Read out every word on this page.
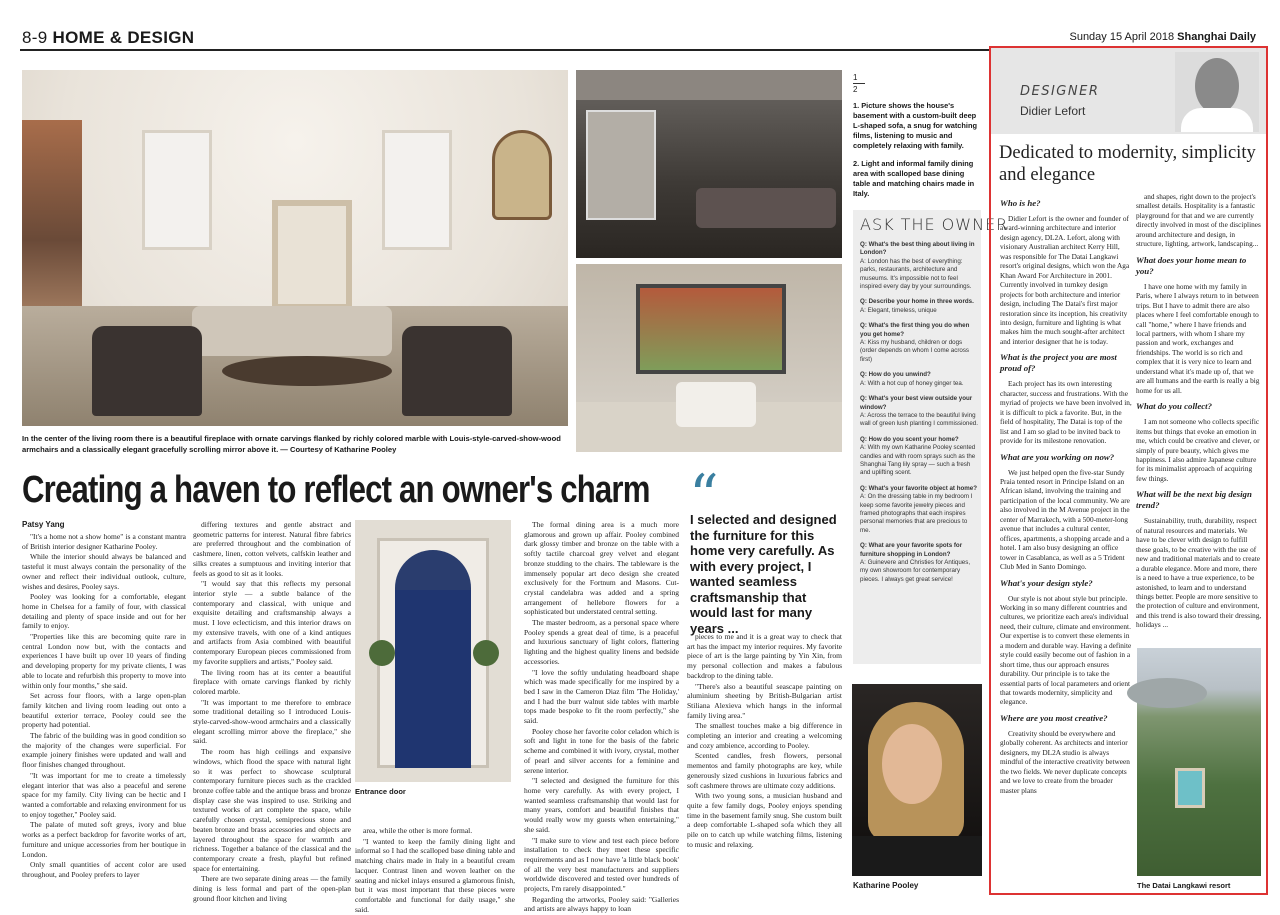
8-9 HOME & DESIGN	Sunday 15 April 2018 Shanghai Daily
In the center of the living room there is a beautiful fireplace with ornate carvings flanked by richly colored marble with Louis-style-carved-show-wood armchairs and a classically elegant gracefully scrolling mirror above it. — Courtesy of Katharine Pooley
1
2

1. Picture shows the house's basement with a custom-built deep L-shaped sofa, a snug for watching films, listening to music and completely relaxing with family.

2. Light and informal family dining area with scalloped base dining table and matching chairs made in Italy.

ASK THE OWNER
Q: What's the best thing about living in London?
A: London has the best of everything: parks, restaurants, architecture and museums. It's impossible not to feel inspired every day by your surroundings.
Q: Describe your home in three words.
A: Elegant, timeless, unique
Q: What's the first thing you do when you get home?
A: Kiss my husband, children or dogs (order depends on whom I come across first)
Q: How do you unwind?
A: With a hot cup of honey ginger tea.
Q: What's your best view outside your window?
A: Across the terrace to the beautiful living wall of green lush planting I commissioned.
Q: How do you scent your home?
A: With my own Katharine Pooley scented candles and with room sprays such as the Shanghai Tang lily spray — such a fresh and uplifting scent.
Q: What's your favorite object at home?
A: On the dressing table in my bedroom I keep some favorite jewelry pieces and framed photographs that each inspires personal memories that are precious to me.
Q: What are your favorite spots for furniture shopping in London?
A: Guinevere and Christies for Antiques, my own showroom for contemporary pieces. I always get great service!
Creating a haven to reflect an owner's charm
Patsy Yang

"It's a home not a show home" is a constant mantra of British interior designer Katharine Pooley.

While the interior should always be balanced and tasteful it must always contain the personality of the owner and reflect their individual outlook, culture, wishes and desires, Pooley says.

Pooley was looking for a comfortable, elegant home in Chelsea for a family of four, with classical detailing and plenty of space inside and out for her family to enjoy.

"Properties like this are becoming quite rare in central London now but, with the contacts and experiences I have built up over 10 years of finding and developing property for my private clients, I was able to locate and refurbish this property to move into within only four months," she said.

Set across four floors, with a large open-plan family kitchen and living room leading out onto a beautiful exterior terrace, Pooley could see the property had potential.

The fabric of the building was in good condition so the majority of the changes were superficial. For example joinery finishes were updated and wall and floor finishes changed throughout.

"It was important for me to create a timelessly elegant interior that was also a peaceful and serene space for my family. City living can be hectic and I wanted a comfortable and relaxing environment for us to enjoy together," Pooley said.

The palate of muted soft greys, ivory and blue works as a perfect backdrop for favorite works of art, furniture and unique accessories from her boutique in London.

Only small quantities of accent color are used throughout, and Pooley prefers to layer

differing textures and gentle abstract and geometric patterns for interest. Natural fibre fabrics are preferred throughout and the combination of cashmere, linen, cotton velvets, calfskin leather and silks creates a sumptuous and inviting interior that feels as good to sit as it looks.

"I would say that this reflects my personal interior style — a subtle balance of the contemporary and classical, with unique and exquisite detailing and craftsmanship always a must. I love eclecticism, and this interior draws on my extensive travels, with one of a kind antiques and artifacts from Asia combined with beautiful contemporary European pieces commissioned from my favorite suppliers and artists," Pooley said.

The living room has at its center a beautiful fireplace with ornate carvings flanked by richly colored marble.

"It was important to me therefore to embrace some traditional detailing so I introduced Louis-style-carved-show-wood armchairs and a classically elegant scrolling mirror above the fireplace," she said.

The room has high ceilings and expansive windows, which flood the space with natural light so it was perfect to showcase sculptural contemporary furniture pieces such as the crackled bronze coffee table and the antique brass and bronze display case she was inspired to use. Striking and textured works of art complete the space, while carefully chosen crystal, semiprecious stone and beaten bronze and brass accessories and objects are layered throughout the space for warmth and richness. Together a balance of the classical and the contemporary create a fresh, playful but refined space for entertaining.

There are two separate dining areas — the family dining is less formal and part of the open-plan ground floor kitchen and living

Entrance door

area, while the other is more formal.

"I wanted to keep the family dining light and informal so I had the scalloped base dining table and matching chairs made in Italy in a beautiful cream lacquer. Contrast linen and woven leather on the seating and nickel inlays ensured a glamorous finish, but it was most important that these pieces were comfortable and functional for daily usage," she said.

The formal dining area is a much more glamorous and grown up affair. Pooley combined dark glossy timber and bronze on the table with a softly tactile charcoal grey velvet and elegant bronze studding to the chairs. The tableware is the immensely popular art deco design she created exclusively for the Fortnum and Masons. Cut-crystal candelabra was added and a spring arrangement of hellebore flowers for a sophisticated but understated central setting.

The master bedroom, as a personal space where Pooley spends a great deal of time, is a peaceful and luxurious sanctuary of light colors, flattering lighting and the highest quality linens and bedside accessories.

"I love the softly undulating headboard shape which was made specifically for me inspired by a bed I saw in the Cameron Diaz film 'The Holiday,' and I had the burr walnut side tables with marble tops made bespoke to fit the room perfectly," she said.

Pooley chose her favorite color celadon which is soft and light in tone for the basis of the fabric scheme and combined it with ivory, crystal, mother of pearl and silver accents for a feminine and serene interior.

"I selected and designed the furniture for this home very carefully. As with every project, I wanted seamless craftsmanship that would last for many years, comfort and beautiful finishes that would really wow my guests when entertaining," she said.

"I make sure to view and test each piece before installation to check they meet these specific requirements and as I now have 'a little black book' of all the very best manufacturers and suppliers worldwide discovered and tested over hundreds of projects, I'm rarely disappointed."

Regarding the artworks, Pooley said: "Galleries and artists are always happy to loan

“
I selected and designed the furniture for this home very carefully. As with every project, I wanted seamless craftsmanship that would last for many years ...

pieces to me and it is a great way to check that art has the impact my interior requires. My favorite piece of art is the large painting by Yin Xin, from my personal collection and makes a fabulous backdrop to the dining table.

"There's also a beautiful seascape painting on aluminium sheeting by British-Bulgarian artist Stiliana Alexieva which hangs in the informal family living area."

The smallest touches make a big difference in completing an interior and creating a welcoming and cozy ambience, according to Pooley.

Scented candles, fresh flowers, personal mementos and family photographs are key, while generously sized cushions in luxurious fabrics and soft cashmere throws are ultimate cozy additions.

With two young sons, a musician husband and quite a few family dogs, Pooley enjoys spending time in the basement family snug. She custom built a deep comfortable L-shaped sofa which they all pile on to catch up while watching films, listening to music and relaxing.

Katharine Pooley
DESIGNER
Didier Lefort
Dedicated to modernity, simplicity and elegance
Who is he?

Didier Lefort is the owner and founder of award-winning architecture and interior design agency, DL2A. Lefort, along with visionary Australian architect Kerry Hill, was responsible for The Datai Langkawi resort's original designs, which won the Aga Khan Award For Architecture in 2001. Currently involved in turnkey design projects for both architecture and interior design, including The Datai's first major restoration since its inception, his creativity into design, furniture and lighting is what makes him the much sought-after architect and interior designer that he is today.

What is the project you are most proud of?

Each project has its own interesting character, success and frustrations. With the myriad of projects we have been involved in, it is difficult to pick a favorite. But, in the field of hospitality, The Datai is top of the list and I am so glad to be invited back to provide for its milestone renovation.

What are you working on now?

We just helped open the five-star Sundy Praia tented resort in Principe Island on an African island, involving the training and participation of the local community. We are also involved in the M Avenue project in the center of Marrakech, with a 500-meter-long avenue that includes a cultural center, offices, apartments, a shopping arcade and a hotel. I am also busy designing an office tower in Casablanca, as well as a 5 Trident Club Med in Santo Domingo.

What's your design style?

Our style is not about style but principle. Working in so many different countries and cultures, we prioritize each area's individual need, their culture, climate and environment. Our expertise is to convert these elements in a modern and durable way. Having a definite style could easily become out of fashion in a short time, thus our approach ensures durability. Our principle is to take the essential parts of local parameters and orient that towards modernity, simplicity and elegance.

Where are you most creative?

Creativity should be everywhere and globally coherent. As architects and interior designers, my DL2A studio is always mindful of the interactive creativity between the two fields. We never duplicate concepts and we love to create from the broader master plans

and shapes, right down to the project's smallest details. Hospitality is a fantastic playground for that and we are currently directly involved in most of the disciplines around architecture and design, in structure, lighting, artwork, landscaping...

What does your home mean to you?

I have one home with my family in Paris, where I always return to in between trips. But I have to admit there are also places where I feel comfortable enough to call "home," where I have friends and local partners, with whom I share my passion and work, exchanges and friendships. The world is so rich and complex that it is very nice to learn and understand what it's made up of, that we are all humans and the earth is really a big home for us all.

What do you collect?

I am not someone who collects specific items but things that evoke an emotion in me, which could be creative and clever, or simply of pure beauty, which gives me happiness. I also admire Japanese culture for its minimalist approach of acquiring few things.

What will be the next big design trend?

Sustainability, truth, durability, respect of natural resources and materials. We have to be clever with design to fulfill these goals, to be creative with the use of new and traditional materials and to create a durable elegance. More and more, there is a need to have a true experience, to be astonished, to learn and to understand things better. People are more sensitive to the protection of culture and environment, and this trend is also toward their dressing, holidays ...

The Datai Langkawi resort
